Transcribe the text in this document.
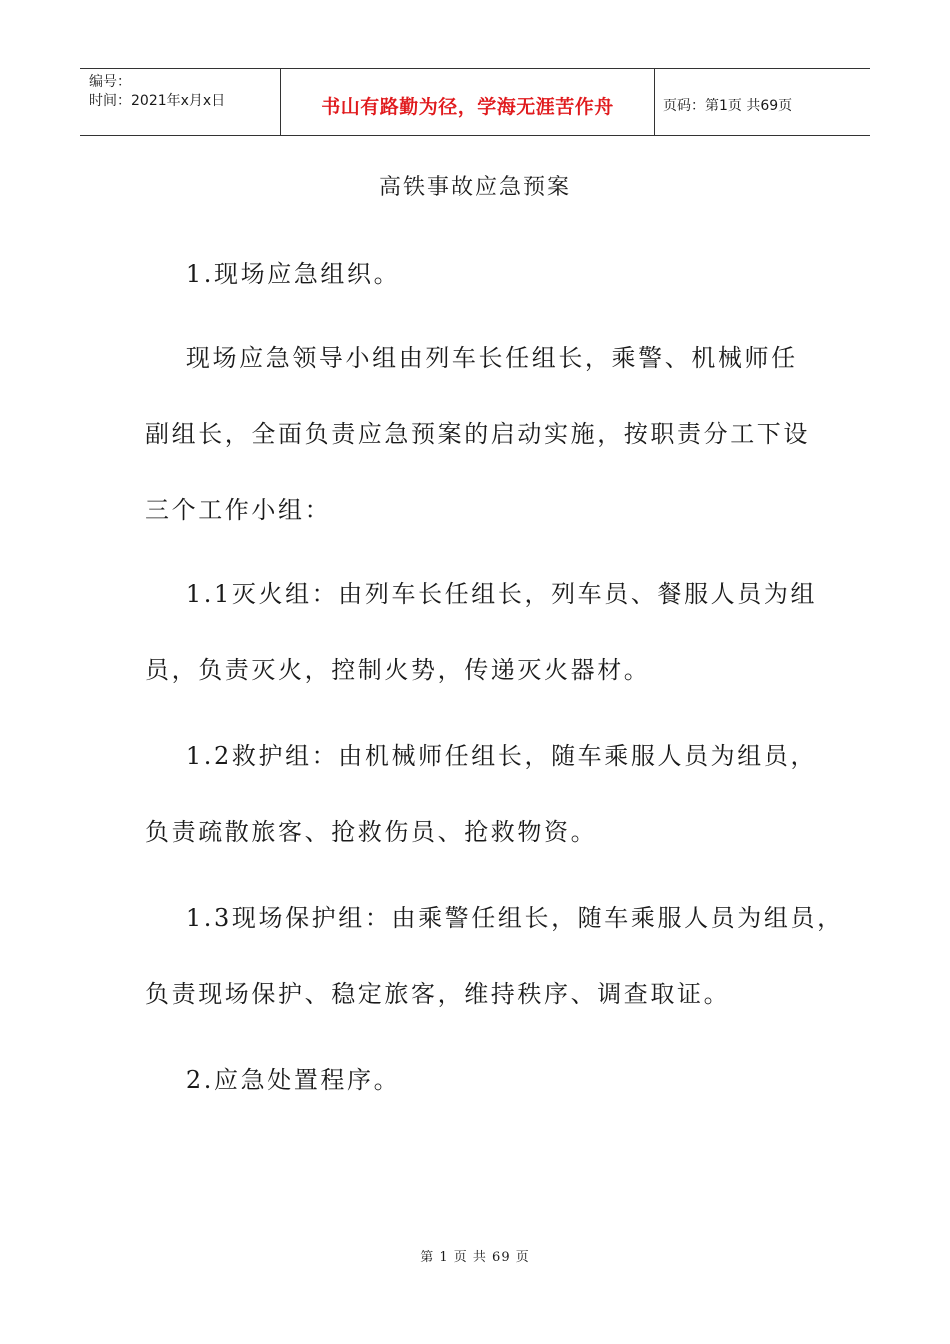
编号：
时间：2021年x月x日	书山有路勤为径，学海无涯苦作舟	页码：第1页 共69页
高铁事故应急预案
1.现场应急组织。
现场应急领导小组由列车长任组长，乘警、机械师任
副组长，全面负责应急预案的启动实施，按职责分工下设
三个工作小组：
1.1灭火组：由列车长任组长，列车员、餐服人员为组
员，负责灭火，控制火势，传递灭火器材。
1.2救护组：由机械师任组长，随车乘服人员为组员，
负责疏散旅客、抢救伤员、抢救物资。
1.3现场保护组：由乘警任组长，随车乘服人员为组员，
负责现场保护、稳定旅客，维持秩序、调查取证。
2.应急处置程序。
第 1 页 共 69 页
